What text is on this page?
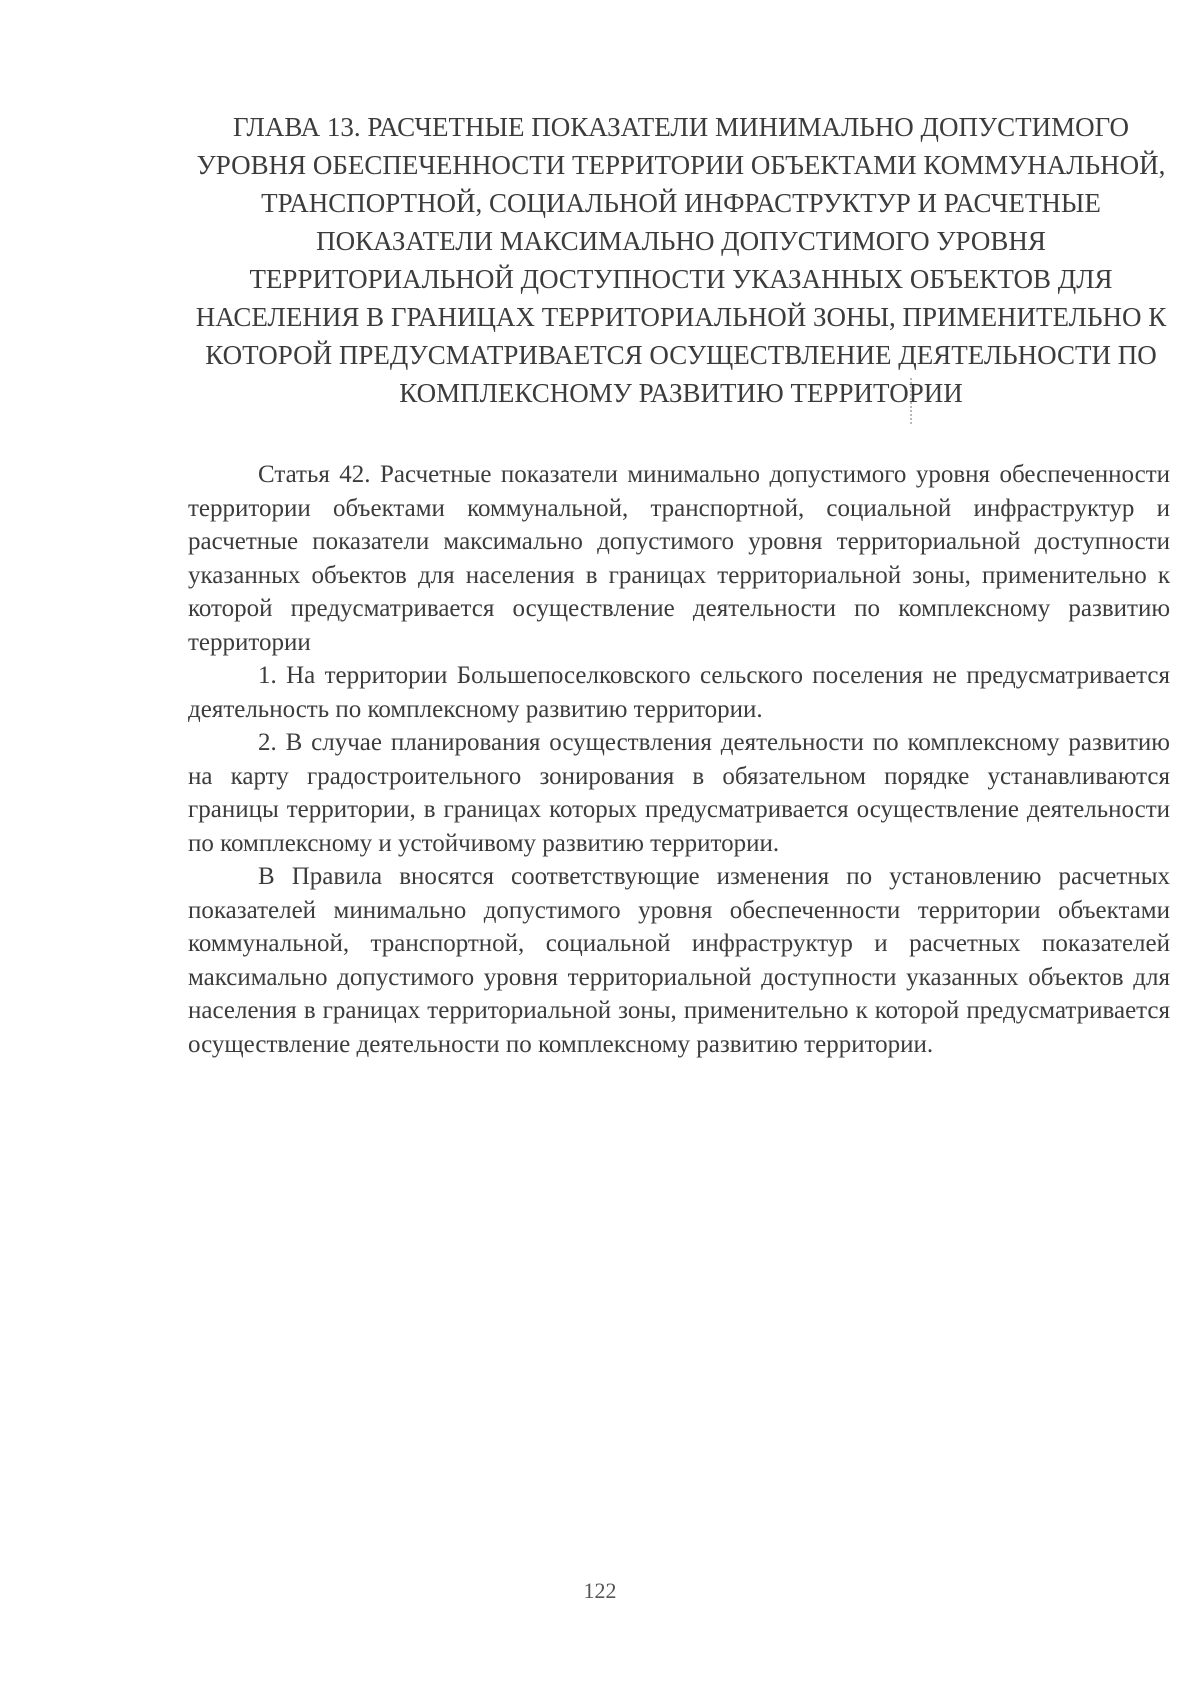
ГЛАВА 13. РАСЧЕТНЫЕ ПОКАЗАТЕЛИ МИНИМАЛЬНО ДОПУСТИМОГО УРОВНЯ ОБЕСПЕЧЕННОСТИ ТЕРРИТОРИИ ОБЪЕКТАМИ КОММУНАЛЬНОЙ, ТРАНСПОРТНОЙ, СОЦИАЛЬНОЙ ИНФРАСТРУКТУР И РАСЧЕТНЫЕ ПОКАЗАТЕЛИ МАКСИМАЛЬНО ДОПУСТИМОГО УРОВНЯ ТЕРРИТОРИАЛЬНОЙ ДОСТУПНОСТИ УКАЗАННЫХ ОБЪЕКТОВ ДЛЯ НАСЕЛЕНИЯ В ГРАНИЦАХ ТЕРРИТОРИАЛЬНОЙ ЗОНЫ, ПРИМЕНИТЕЛЬНО К КОТОРОЙ ПРЕДУСМАТРИВАЕТСЯ ОСУЩЕСТВЛЕНИЕ ДЕЯТЕЛЬНОСТИ ПО КОМПЛЕКСНОМУ РАЗВИТИЮ ТЕРРИТОРИИ

Статья 42. Расчетные показатели минимально допустимого уровня обеспеченности территории объектами коммунальной, транспортной, социальной инфраструктур и расчетные показатели максимально допустимого уровня территориальной доступности указанных объектов для населения в границах территориальной зоны, применительно к которой предусматривается осуществление деятельности по комплексному развитию территории

1. На территории Большепоселковского сельского поселения не предусматривается деятельность по комплексному развитию территории.

2. В случае планирования осуществления деятельности по комплексному развитию на карту градостроительного зонирования в обязательном порядке устанавливаются границы территории, в границах которых предусматривается осуществление деятельности по комплексному и устойчивому развитию территории.

В Правила вносятся соответствующие изменения по установлению расчетных показателей минимально допустимого уровня обеспеченности территории объектами коммунальной, транспортной, социальной инфраструктур и расчетных показателей максимально допустимого уровня территориальной доступности указанных объектов для населения в границах территориальной зоны, применительно к которой предусматривается осуществление деятельности по комплексному развитию территории.

122
